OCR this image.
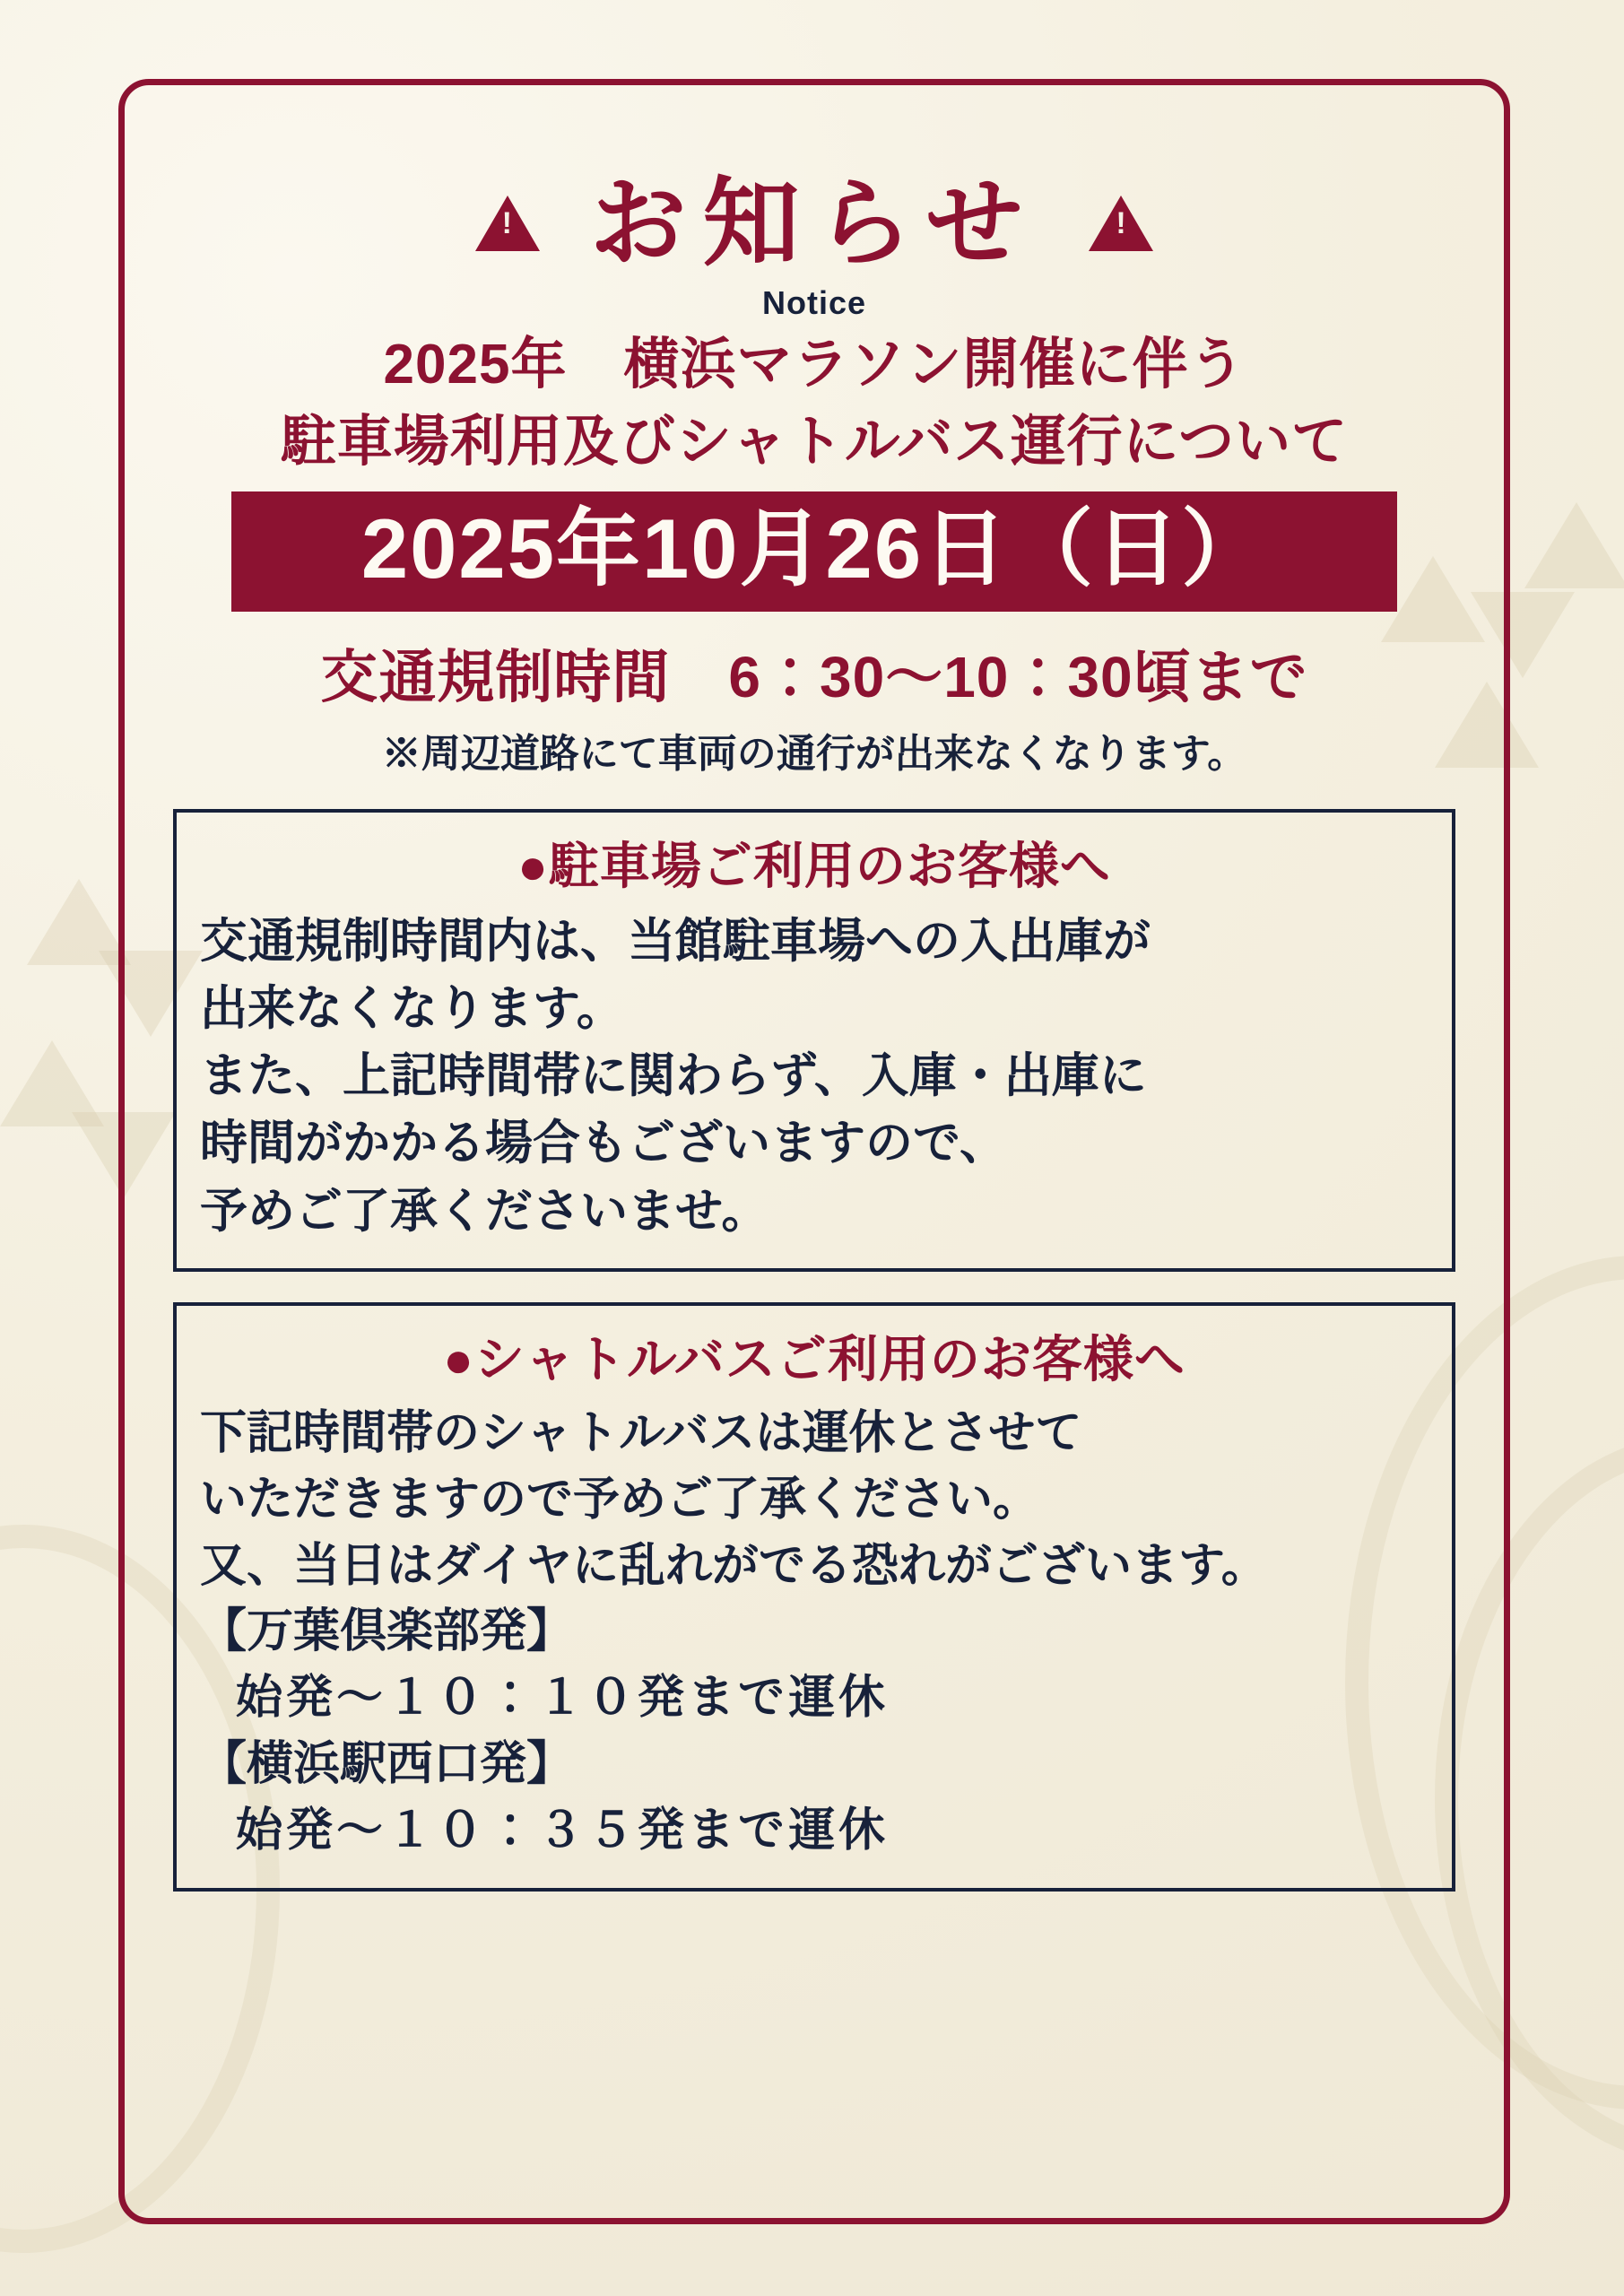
!
お知らせ
!
Notice
2025年　横浜マラソン開催に伴う
駐車場利用及びシャトルバス運行について
2025年10月26日（日）
交通規制時間　6：30～10：30頃まで
※周辺道路にて車両の通行が出来なくなります。
●駐車場ご利用のお客様へ
交通規制時間内は、当館駐車場への入出庫が
出来なくなります。
また、上記時間帯に関わらず、入庫・出庫に
時間がかかる場合もございますので、
予めご了承くださいませ。
●シャトルバスご利用のお客様へ
下記時間帯のシャトルバスは運休とさせて
いただきますので予めご了承ください。
又、当日はダイヤに乱れがでる恐れがございます。
【万葉倶楽部発】
始発～１０：１０発まで運休
【横浜駅西口発】
始発～１０：３５発まで運休
